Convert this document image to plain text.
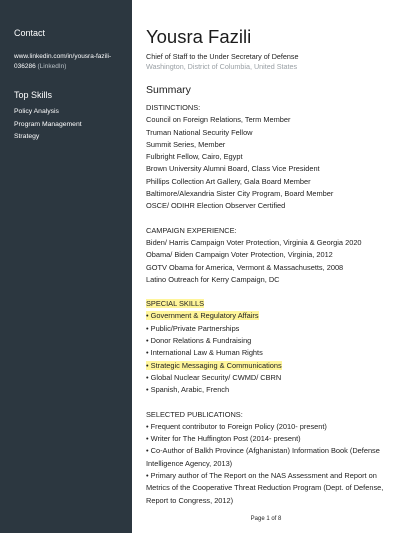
Contact
www.linkedin.com/in/yousra-fazili-036286 (LinkedIn)
Top Skills
Policy Analysis
Program Management
Strategy
Yousra Fazili
Chief of Staff to the Under Secretary of Defense
Washington, District of Columbia, United States
Summary
DISTINCTIONS:
Council on Foreign Relations, Term Member
Truman National Security Fellow
Summit Series, Member
Fulbright Fellow, Cairo, Egypt
Brown University Alumni Board, Class Vice President
Phillips Collection Art Gallery, Gala Board Member
Baltimore/Alexandria Sister City Program, Board Member
OSCE/ ODIHR Election Observer Certified
CAMPAIGN EXPERIENCE:
Biden/ Harris Campaign Voter Protection, Virginia & Georgia 2020
Obama/ Biden Campaign Voter Protection, Virginia, 2012
GOTV Obama for America, Vermont & Massachusetts, 2008
Latino Outreach for Kerry Campaign, DC
SPECIAL SKILLS
• Government & Regulatory Affairs
• Public/Private Partnerships
• Donor Relations & Fundraising
• International Law & Human Rights
• Strategic Messaging & Communications
• Global Nuclear Security/ CWMD/ CBRN
• Spanish, Arabic, French
SELECTED PUBLICATIONS:
• Frequent contributor to Foreign Policy (2010- present)
• Writer for The Huffington Post (2014- present)
• Co-Author of Balkh Province (Afghanistan) Information Book (Defense Intelligence Agency, 2013)
• Primary author of The Report on the NAS Assessment and Report on Metrics of the Cooperative Threat Reduction Program (Dept. of Defense, Report to Congress, 2012)
Page 1 of 8
